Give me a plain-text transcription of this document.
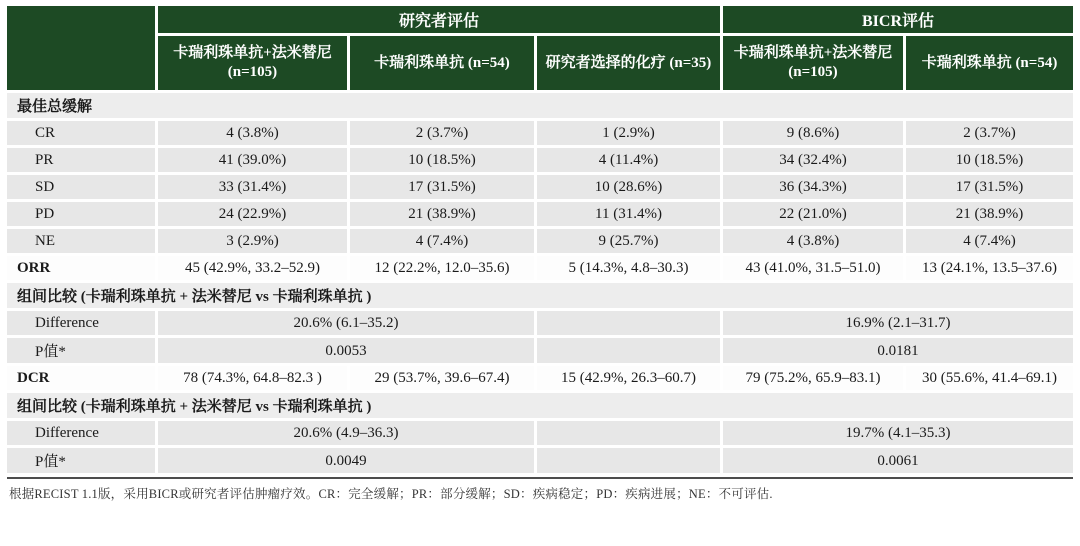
	研究者评估			BICR评估	
	卡瑞利珠单抗+法米替尼 (n=105)	卡瑞利珠单抗 (n=54)	研究者选择的化疗 (n=35)	卡瑞利珠单抗+法米替尼 (n=105)	卡瑞利珠单抗 (n=54)
最佳总缓解					
CR	4 (3.8%)	2 (3.7%)	1 (2.9%)	9 (8.6%)	2 (3.7%)
PR	41 (39.0%)	10 (18.5%)	4 (11.4%)	34 (32.4%)	10 (18.5%)
SD	33 (31.4%)	17 (31.5%)	10 (28.6%)	36 (34.3%)	17 (31.5%)
PD	24 (22.9%)	21 (38.9%)	11 (31.4%)	22 (21.0%)	21 (38.9%)
NE	3 (2.9%)	4 (7.4%)	9 (25.7%)	4 (3.8%)	4 (7.4%)
ORR	45 (42.9%, 33.2–52.9)	12 (22.2%, 12.0–35.6)	5 (14.3%, 4.8–30.3)	43 (41.0%, 31.5–51.0)	13 (24.1%, 13.5–37.6)
组间比较 (卡瑞利珠单抗 + 法米替尼 vs 卡瑞利珠单抗 )					
Difference	20.6% (6.1–35.2)			16.9% (2.1–31.7)	
P值*	0.0053			0.0181	
DCR	78 (74.3%, 64.8–82.3 )	29 (53.7%, 39.6–67.4)	15 (42.9%, 26.3–60.7)	79 (75.2%, 65.9–83.1)	30 (55.6%, 41.4–69.1)
组间比较 (卡瑞利珠单抗 + 法米替尼 vs 卡瑞利珠单抗 )					
Difference	20.6% (4.9–36.3)			19.7% (4.1–35.3)	
P值*	0.0049			0.0061	
根据RECIST 1.1版，采用BICR或研究者评估肿瘤疗效。CR：完全缓解；PR：部分缓解；SD：疾病稳定；PD：疾病进展；NE：不可评估.
